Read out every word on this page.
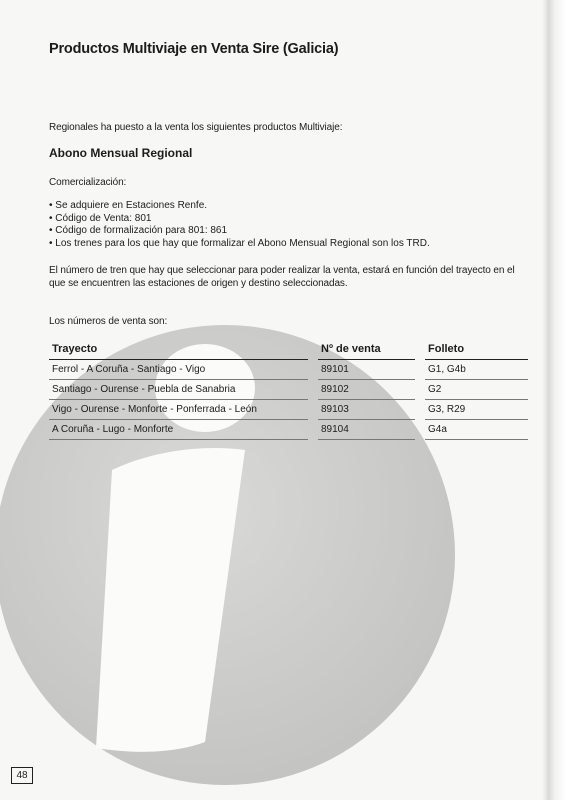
Productos Multiviaje en Venta Sire (Galicia)

Regionales ha puesto a la venta los siguientes productos Multiviaje:

Abono Mensual Regional

Comercialización:

• Se adquiere en Estaciones Renfe.
• Código de Venta: 801
• Código de formalización para 801: 861
• Los trenes para los que hay que formalizar el Abono Mensual Regional son los TRD.

El número de tren que hay que seleccionar para poder realizar la venta, estará en función del trayecto en el que se encuentren las estaciones de origen y destino seleccionadas.

Los números de venta son:

Trayecto		Nº de venta		Folleto
Ferrol - A Coruña - Santiago - Vigo		89101		G1, G4b
Santiago - Ourense - Puebla de Sanabria		89102		G2
Vigo - Ourense - Monforte - Ponferrada - León		89103		G3, R29
A Coruña - Lugo - Monforte		89104		G4a
48
